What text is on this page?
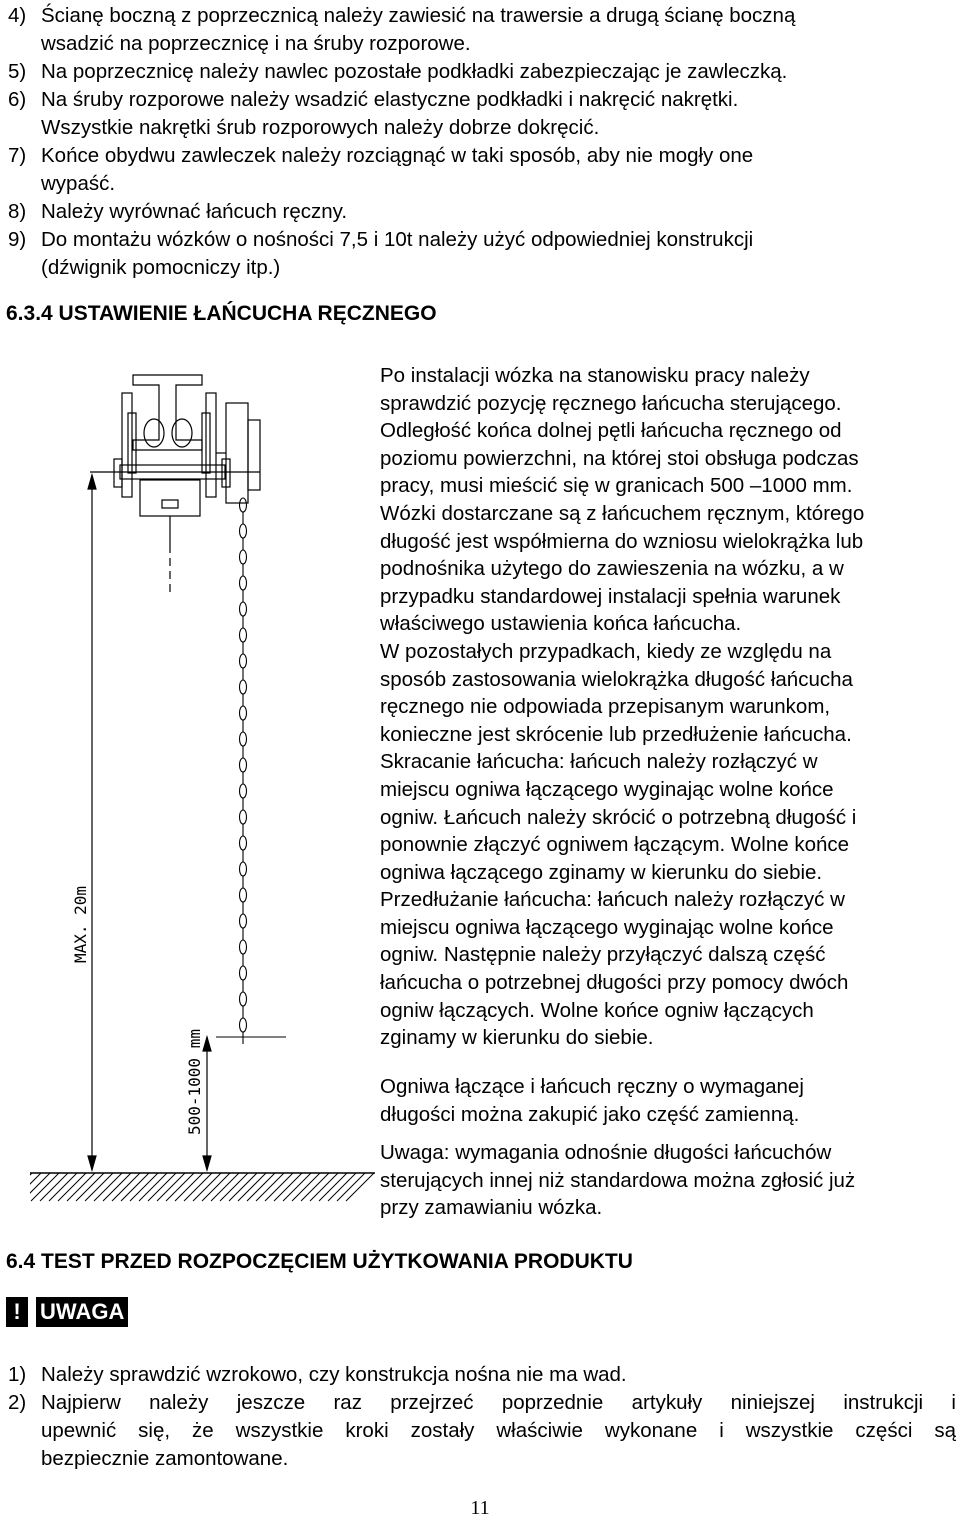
4) Ścianę boczną z poprzecznicą należy zawiesić na trawersie a drugą ścianę boczną
wsadzić na poprzecznicę i na śruby rozporowe.
5) Na poprzecznicę należy nawlec pozostałe podkładki zabezpieczając je zawleczką.
6) Na śruby rozporowe należy wsadzić elastyczne podkładki i nakręcić nakrętki.
Wszystkie nakrętki śrub rozporowych należy dobrze dokręcić.
7) Końce obydwu zawleczek należy rozciągnąć w taki sposób, aby nie mogły one
wypaść.
8) Należy wyrównać łańcuch ręczny.
9) Do montażu wózków o nośności 7,5 i 10t należy użyć odpowiedniej konstrukcji
(dźwignik pomocniczy itp.)
6.3.4 USTAWIENIE ŁAŃCUCHA RĘCZNEGO
MAX. 20m
500-1000 mm
Po instalacji wózka na stanowisku pracy należy
sprawdzić pozycję ręcznego łańcucha sterującego.
Odległość końca dolnej pętli łańcucha ręcznego od
poziomu powierzchni, na której stoi obsługa podczas
pracy, musi mieścić się w granicach 500 –1000 mm.
Wózki dostarczane są z łańcuchem ręcznym, którego
długość jest współmierna do wzniosu wielokrążka lub
podnośnika użytego do zawieszenia na wózku, a w
przypadku standardowej instalacji spełnia warunek
właściwego ustawienia końca łańcucha.
W pozostałych przypadkach, kiedy ze względu na
sposób zastosowania wielokrążka długość łańcucha
ręcznego nie odpowiada przepisanym warunkom,
konieczne jest skrócenie lub przedłużenie łańcucha.
Skracanie łańcucha: łańcuch należy rozłączyć w
miejscu ogniwa łączącego wyginając wolne końce
ogniw. Łańcuch należy skrócić o potrzebną długość i
ponownie złączyć ogniwem łączącym. Wolne końce
ogniwa łączącego zginamy w kierunku do siebie.
Przedłużanie łańcucha: łańcuch należy rozłączyć w
miejscu ogniwa łączącego wyginając wolne końce
ogniw. Następnie należy przyłączyć dalszą część
łańcucha o potrzebnej długości przy pomocy dwóch
ogniw łączących. Wolne końce ogniw łączących
zginamy w kierunku do siebie.
Ogniwa łączące i łańcuch ręczny o wymaganej
długości można zakupić jako część zamienną.
Uwaga: wymagania odnośnie długości łańcuchów
sterujących innej niż standardowa można zgłosić już
przy zamawianiu wózka.
6.4 TEST PRZED ROZPOCZĘCIEM UŻYTKOWANIA PRODUKTU
! UWAGA
1) Należy sprawdzić wzrokowo, czy konstrukcja nośna nie ma wad.
2) Najpierw należy jeszcze raz przejrzeć poprzednie artykuły niniejszej instrukcji i
upewnić się, że wszystkie kroki zostały właściwie wykonane i wszystkie części są
bezpiecznie zamontowane.
11
